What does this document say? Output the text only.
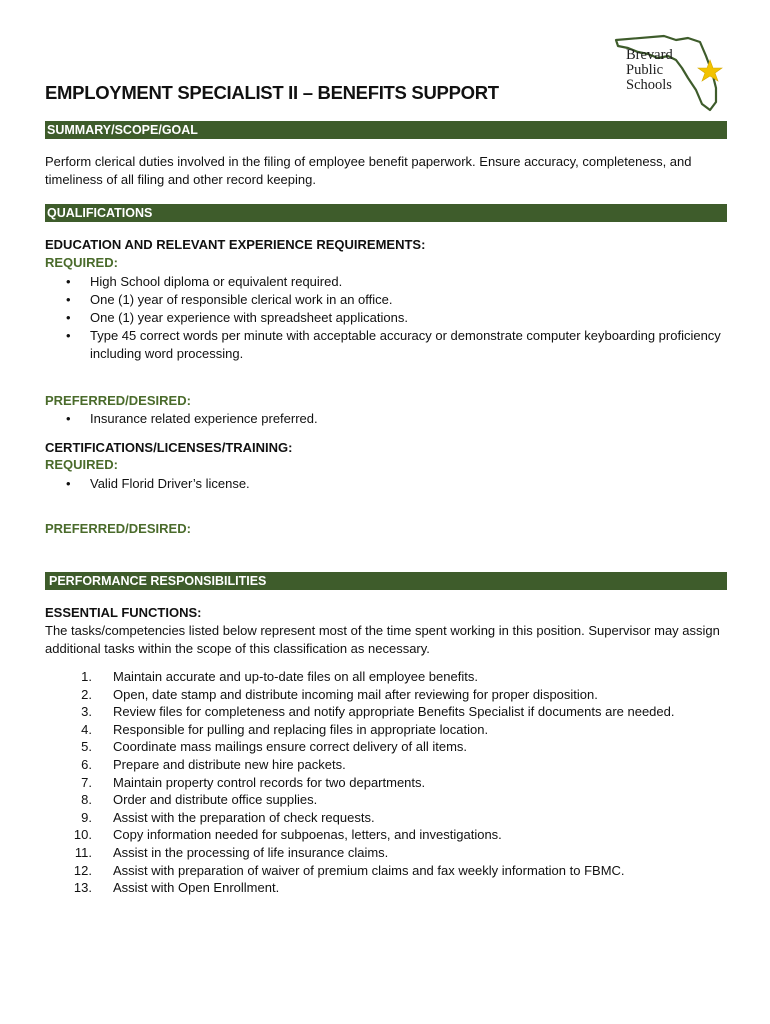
Brevard
Public
Schools
EMPLOYMENT SPECIALIST II – BENEFITS SUPPORT
SUMMARY/SCOPE/GOAL
Perform clerical duties involved in the filing of employee benefit paperwork. Ensure accuracy, completeness, and timeliness of all filing and other record keeping.
QUALIFICATIONS
EDUCATION AND RELEVANT EXPERIENCE REQUIREMENTS:
REQUIRED:
• High School diploma or equivalent required.
• One (1) year of responsible clerical work in an office.
• One (1) year experience with spreadsheet applications.
• Type 45 correct words per minute with acceptable accuracy or demonstrate computer keyboarding proficiency including word processing.
PREFERRED/DESIRED:
• Insurance related experience preferred.
CERTIFICATIONS/LICENSES/TRAINING:
REQUIRED:
• Valid Florid Driver’s license.
PREFERRED/DESIRED:
PERFORMANCE RESPONSIBILITIES
ESSENTIAL FUNCTIONS:
The tasks/competencies listed below represent most of the time spent working in this position. Supervisor may assign additional tasks within the scope of this classification as necessary.
1. Maintain accurate and up-to-date files on all employee benefits.
2. Open, date stamp and distribute incoming mail after reviewing for proper disposition.
3. Review files for completeness and notify appropriate Benefits Specialist if documents are needed.
4. Responsible for pulling and replacing files in appropriate location.
5. Coordinate mass mailings ensure correct delivery of all items.
6. Prepare and distribute new hire packets.
7. Maintain property control records for two departments.
8. Order and distribute office supplies.
9. Assist with the preparation of check requests.
10. Copy information needed for subpoenas, letters, and investigations.
11. Assist in the processing of life insurance claims.
12. Assist with preparation of waiver of premium claims and fax weekly information to FBMC.
13. Assist with Open Enrollment.
